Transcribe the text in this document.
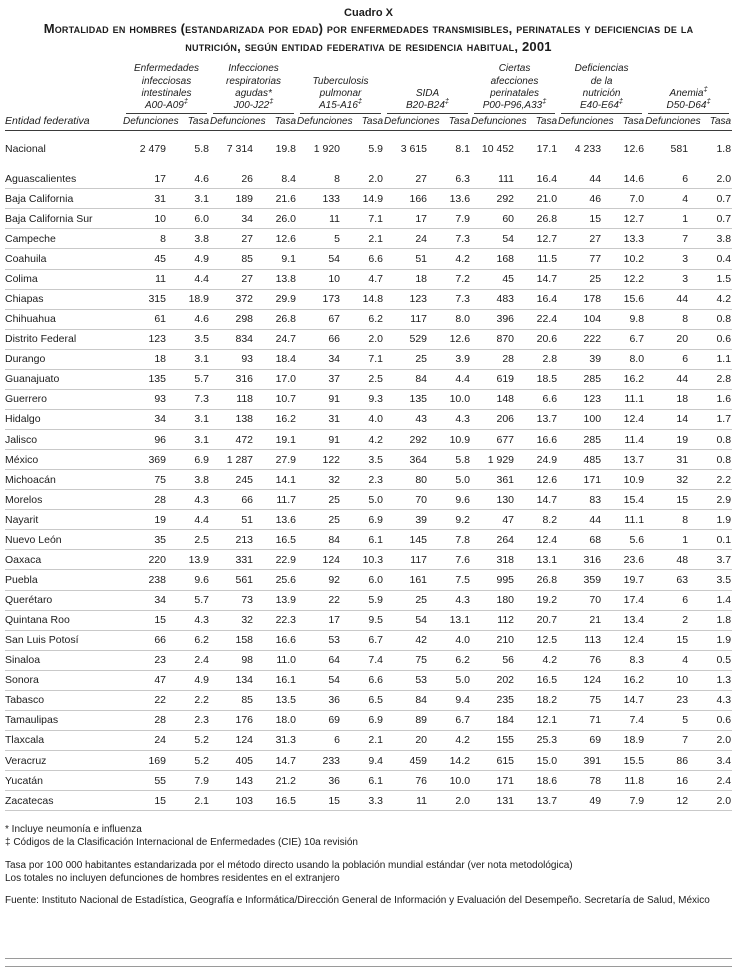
Cuadro X
Mortalidad en hombres (estandarizada por edad) por enfermedades transmisibles, perinatales y deficiencias de la nutrición, según entidad federativa de residencia habitual, 2001
Entidad federativa	
Enfermedades
infecciosas
intestinales
A00-A09‡

Infecciones
respiratorias
agudas*
J00-J22‡

Tuberculosis
pulmonar
A15-A16‡

SIDA
B20-B24‡

Ciertas
afecciones
perinatales
P00-P96,A33‡

Deficiencias
de la
nutrición
E40-E64‡

Anemia‡
D50-D64‡

	Defunciones	Tasa	Defunciones	Tasa	Defunciones	Tasa	Defunciones	Tasa	Defunciones	Tasa	Defunciones	Tasa	Defunciones	Tasa
Nacional	2 479	5.8	7 314	19.8	1 920	5.9	3 615	8.1	10 452	17.1	4 233	12.6	581	1.8
Aguascalientes	17	4.6	26	8.4	8	2.0	27	6.3	111	16.4	44	14.6	6	2.0
Baja California	31	3.1	189	21.6	133	14.9	166	13.6	292	21.0	46	7.0	4	0.7
Baja California Sur	10	6.0	34	26.0	11	7.1	17	7.9	60	26.8	15	12.7	1	0.7
Campeche	8	3.8	27	12.6	5	2.1	24	7.3	54	12.7	27	13.3	7	3.8
Coahuila	45	4.9	85	9.1	54	6.6	51	4.2	168	11.5	77	10.2	3	0.4
Colima	11	4.4	27	13.8	10	4.7	18	7.2	45	14.7	25	12.2	3	1.5
Chiapas	315	18.9	372	29.9	173	14.8	123	7.3	483	16.4	178	15.6	44	4.2
Chihuahua	61	4.6	298	26.8	67	6.2	117	8.0	396	22.4	104	9.8	8	0.8
Distrito Federal	123	3.5	834	24.7	66	2.0	529	12.6	870	20.6	222	6.7	20	0.6
Durango	18	3.1	93	18.4	34	7.1	25	3.9	28	2.8	39	8.0	6	1.1
Guanajuato	135	5.7	316	17.0	37	2.5	84	4.4	619	18.5	285	16.2	44	2.8
Guerrero	93	7.3	118	10.7	91	9.3	135	10.0	148	6.6	123	11.1	18	1.6
Hidalgo	34	3.1	138	16.2	31	4.0	43	4.3	206	13.7	100	12.4	14	1.7
Jalisco	96	3.1	472	19.1	91	4.2	292	10.9	677	16.6	285	11.4	19	0.8
México	369	6.9	1 287	27.9	122	3.5	364	5.8	1 929	24.9	485	13.7	31	0.8
Michoacán	75	3.8	245	14.1	32	2.3	80	5.0	361	12.6	171	10.9	32	2.2
Morelos	28	4.3	66	11.7	25	5.0	70	9.6	130	14.7	83	15.4	15	2.9
Nayarit	19	4.4	51	13.6	25	6.9	39	9.2	47	8.2	44	11.1	8	1.9
Nuevo León	35	2.5	213	16.5	84	6.1	145	7.8	264	12.4	68	5.6	1	0.1
Oaxaca	220	13.9	331	22.9	124	10.3	117	7.6	318	13.1	316	23.6	48	3.7
Puebla	238	9.6	561	25.6	92	6.0	161	7.5	995	26.8	359	19.7	63	3.5
Querétaro	34	5.7	73	13.9	22	5.9	25	4.3	180	19.2	70	17.4	6	1.4
Quintana Roo	15	4.3	32	22.3	17	9.5	54	13.1	112	20.7	21	13.4	2	1.8
San Luis Potosí	66	6.2	158	16.6	53	6.7	42	4.0	210	12.5	113	12.4	15	1.9
Sinaloa	23	2.4	98	11.0	64	7.4	75	6.2	56	4.2	76	8.3	4	0.5
Sonora	47	4.9	134	16.1	54	6.6	53	5.0	202	16.5	124	16.2	10	1.3
Tabasco	22	2.2	85	13.5	36	6.5	84	9.4	235	18.2	75	14.7	23	4.3
Tamaulipas	28	2.3	176	18.0	69	6.9	89	6.7	184	12.1	71	7.4	5	0.6
Tlaxcala	24	5.2	124	31.3	6	2.1	20	4.2	155	25.3	69	18.9	7	2.0
Veracruz	169	5.2	405	14.7	233	9.4	459	14.2	615	15.0	391	15.5	86	3.4
Yucatán	55	7.9	143	21.2	36	6.1	76	10.0	171	18.6	78	11.8	16	2.4
Zacatecas	15	2.1	103	16.5	15	3.3	11	2.0	131	13.7	49	7.9	12	2.0
* Incluye neumonía e influenza
‡ Códigos de la Clasificación Internacional de Enfermedades (CIE) 10a revisión
Tasa por 100 000 habitantes estandarizada por el método directo usando la población mundial estándar (ver nota metodológica)
Los totales no incluyen defunciones de hombres residentes en el extranjero
Fuente: Instituto Nacional de Estadística, Geografía e Informática/Dirección General de Información y Evaluación del Desempeño. Secretaría de Salud, México
